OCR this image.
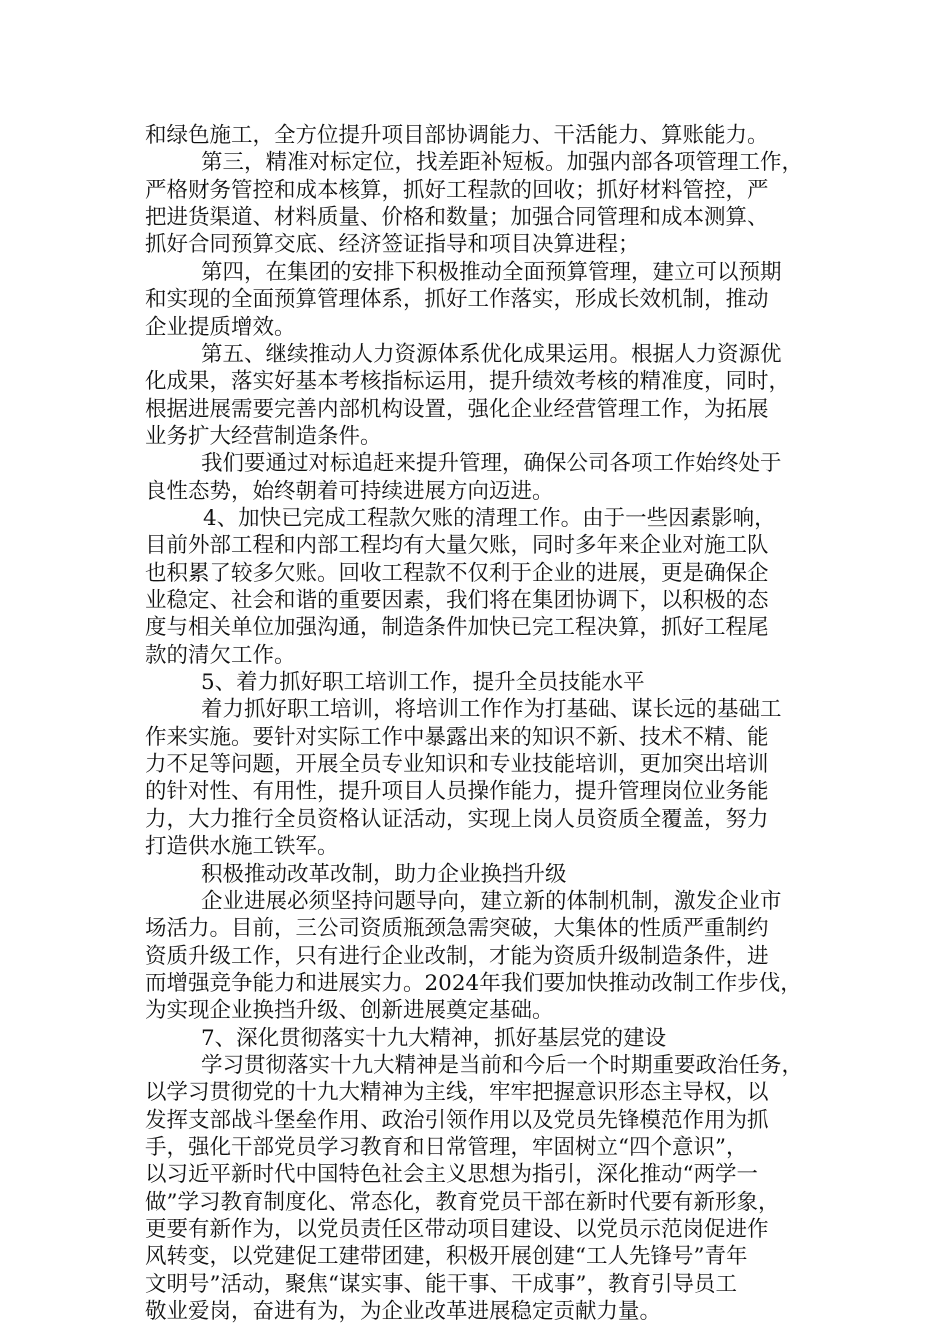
和绿色施工，全方位提升项目部协调能力、干活能力、算账能力。
第三，精准对标定位，找差距补短板。加强内部各项管理工作，
严格财务管控和成本核算，抓好工程款的回收；抓好材料管控，严
把进货渠道、材料质量、价格和数量；加强合同管理和成本测算、
抓好合同预算交底、经济签证指导和项目决算进程；
第四，在集团的安排下积极推动全面预算管理，建立可以预期
和实现的全面预算管理体系，抓好工作落实，形成长效机制，推动
企业提质增效。
第五、继续推动人力资源体系优化成果运用。根据人力资源优
化成果，落实好基本考核指标运用，提升绩效考核的精准度，同时，
根据进展需要完善内部机构设置，强化企业经营管理工作，为拓展
业务扩大经营制造条件。
我们要通过对标追赶来提升管理，确保公司各项工作始终处于
良性态势，始终朝着可持续进展方向迈进。
4、加快已完成工程款欠账的清理工作。由于一些因素影响，
目前外部工程和内部工程均有大量欠账，同时多年来企业对施工队
也积累了较多欠账。回收工程款不仅利于企业的进展，更是确保企
业稳定、社会和谐的重要因素，我们将在集团协调下，以积极的态
度与相关单位加强沟通，制造条件加快已完工程决算，抓好工程尾
款的清欠工作。
5、着力抓好职工培训工作，提升全员技能水平
着力抓好职工培训，将培训工作作为打基础、谋长远的基础工
作来实施。要针对实际工作中暴露出来的知识不新、技术不精、能
力不足等问题，开展全员专业知识和专业技能培训，更加突出培训
的针对性、有用性，提升项目人员操作能力，提升管理岗位业务能
力，大力推行全员资格认证活动，实现上岗人员资质全覆盖，努力
打造供水施工铁军。
积极推动改革改制，助力企业换挡升级
企业进展必须坚持问题导向，建立新的体制机制，激发企业市
场活力。目前，三公司资质瓶颈急需突破，大集体的性质严重制约
资质升级工作，只有进行企业改制，才能为资质升级制造条件，进
而增强竞争能力和进展实力。2024年我们要加快推动改制工作步伐，
为实现企业换挡升级、创新进展奠定基础。
7、深化贯彻落实十九大精神，抓好基层党的建设
学习贯彻落实十九大精神是当前和今后一个时期重要政治任务，
以学习贯彻党的十九大精神为主线，牢牢把握意识形态主导权，以
发挥支部战斗堡垒作用、政治引领作用以及党员先锋模范作用为抓
手，强化干部党员学习教育和日常管理，牢固树立“四个意识”，
以习近平新时代中国特色社会主义思想为指引，深化推动“两学一
做”学习教育制度化、常态化，教育党员干部在新时代要有新形象，
更要有新作为，以党员责任区带动项目建设、以党员示范岗促进作
风转变，以党建促工建带团建，积极开展创建“工人先锋号”青年
文明号”活动，聚焦“谋实事、能干事、干成事”，教育引导员工
敬业爱岗，奋进有为，为企业改革进展稳定贡献力量。
